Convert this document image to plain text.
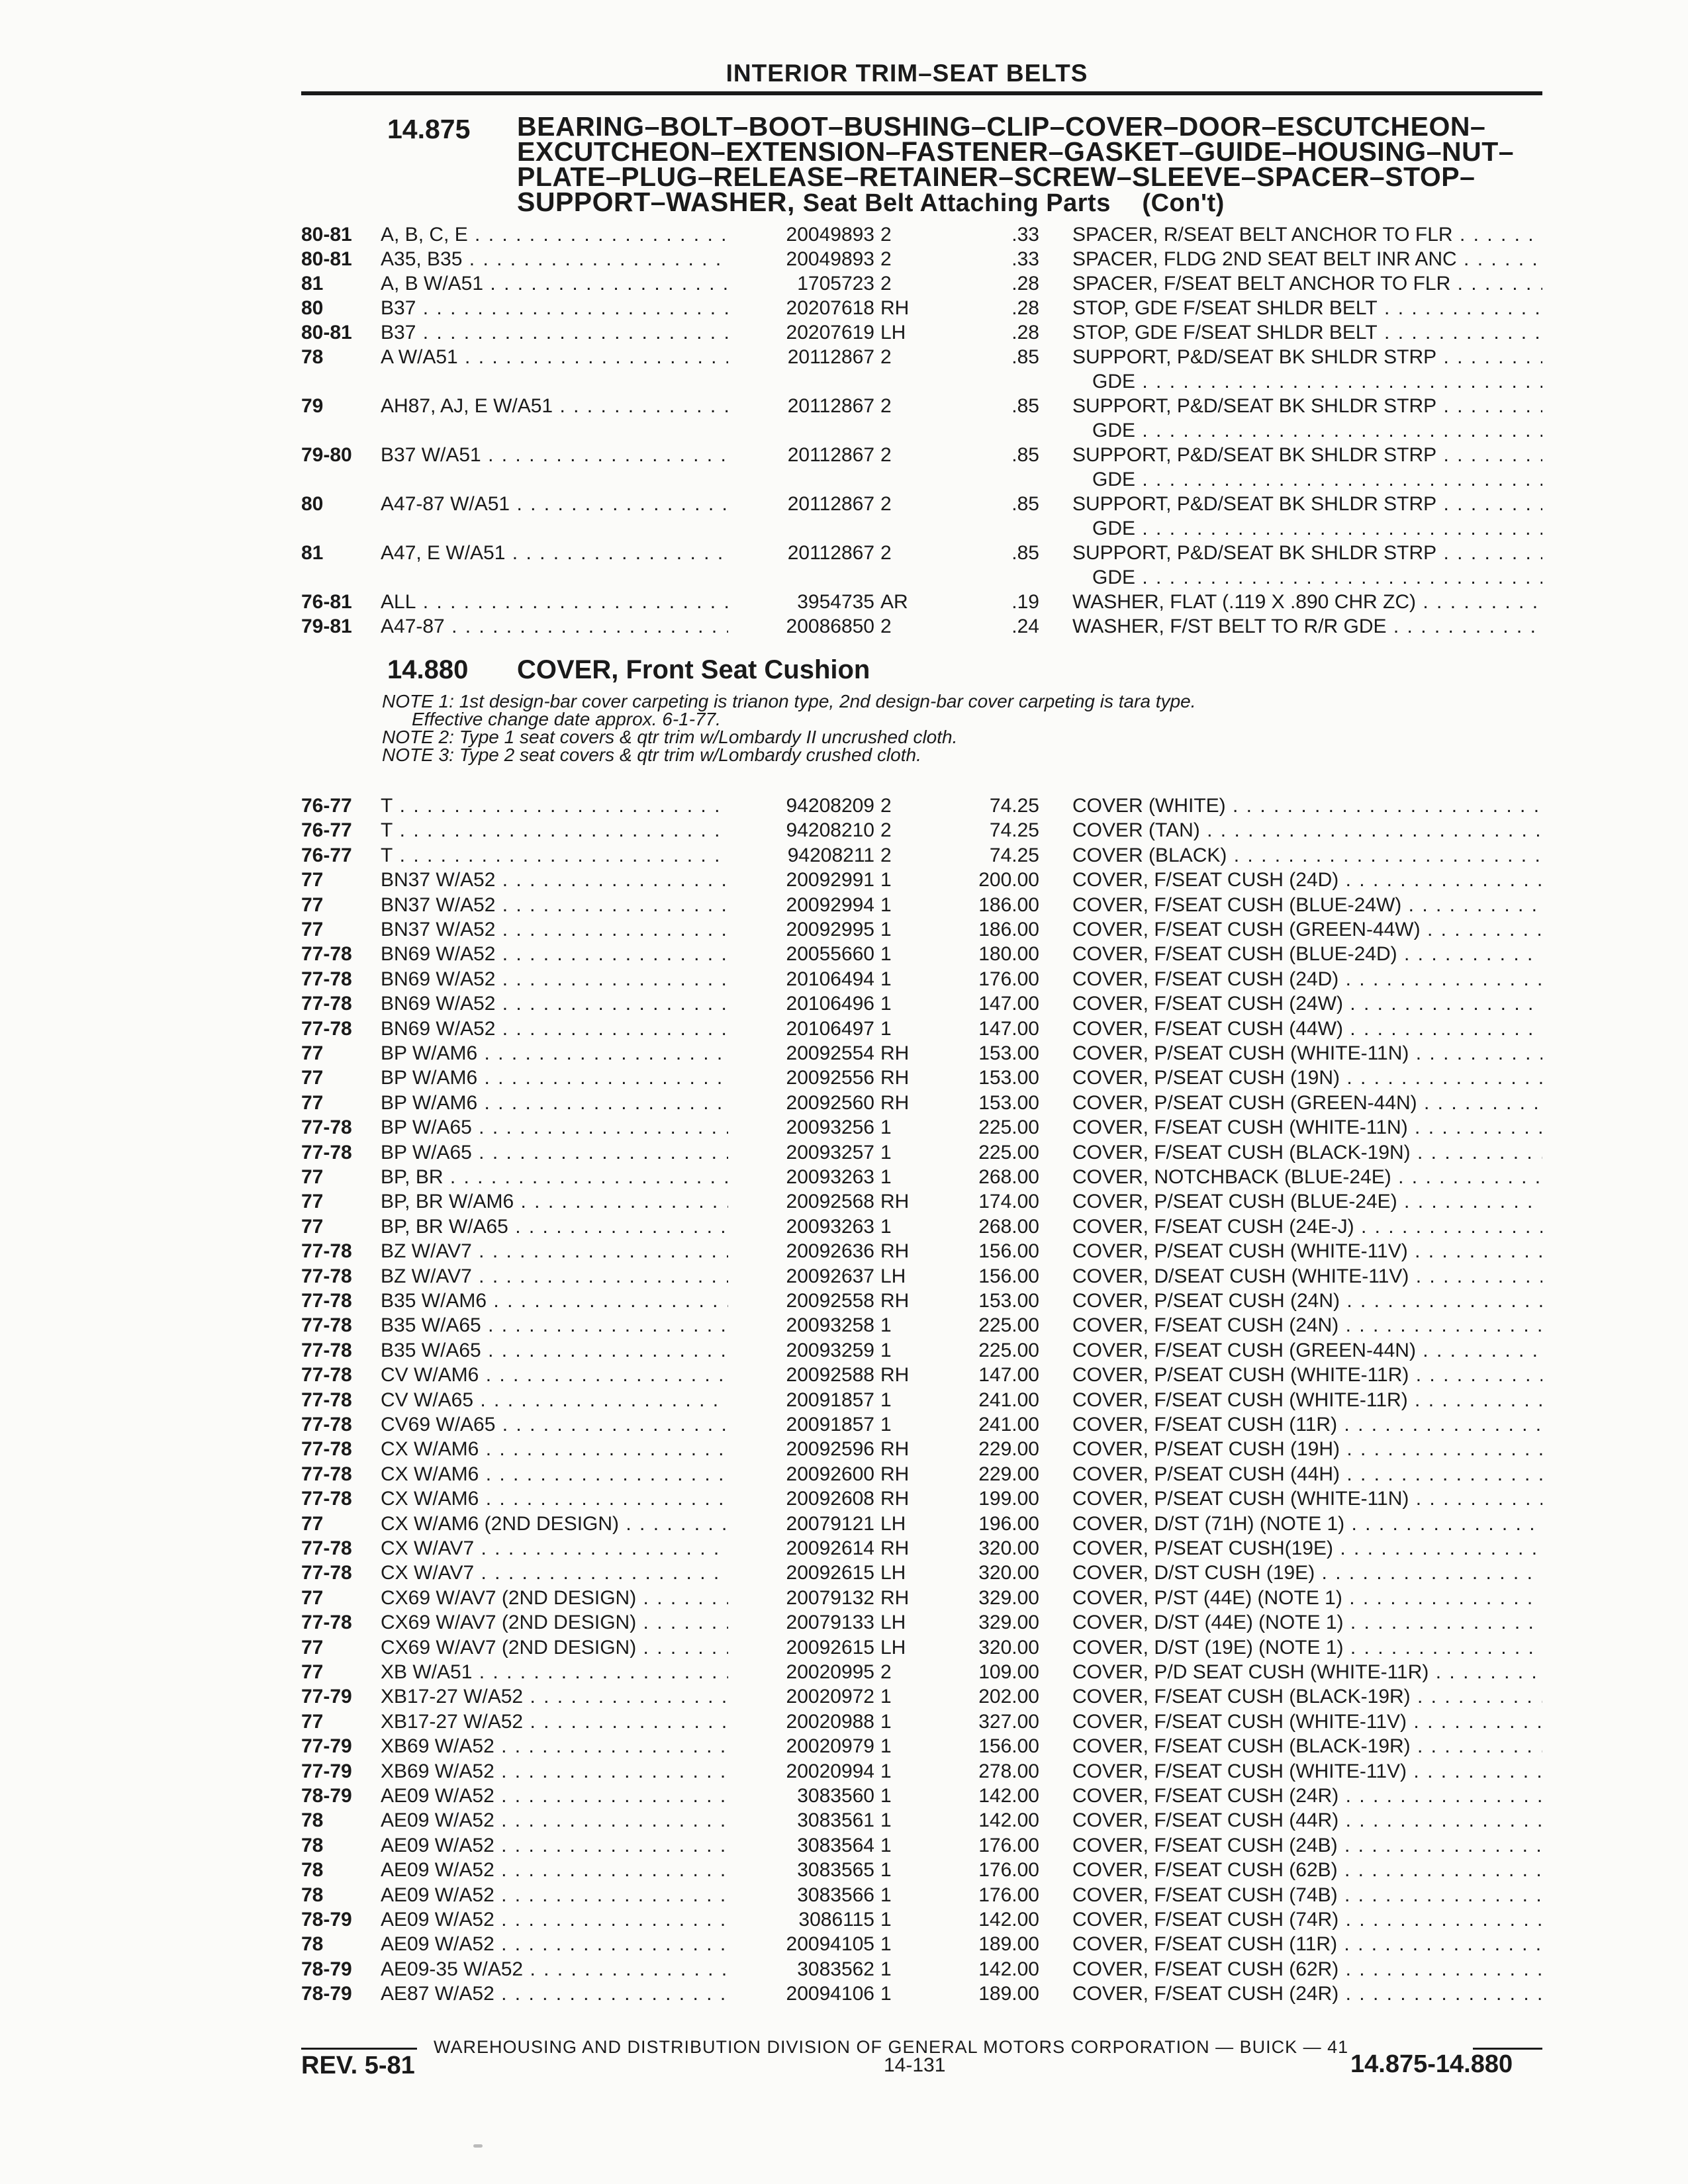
INTERIOR TRIM–SEAT BELTS
14.875 BEARING–BOLT–BOOT–BUSHING–CLIP–COVER–DOOR–ESCUTCHEON–EXCUTCHEON–EXTENSION–FASTENER–GASKET–GUIDE–HOUSING–NUT–PLATE–PLUG–RELEASE–RETAINER–SCREW–SLEEVE–SPACER–STOP–SUPPORT–WASHER, Seat Belt Attaching Parts (Con't)
80-81 A, B, C, E . . .	20049893 2	.33 SPACER, R/SEAT BELT ANCHOR TO FLR . . .
80-81 A35, B35 . . .	20049893 2	.33 SPACER, FLDG 2ND SEAT BELT INR ANC . . .
81	A, B W/A51 . . .	1705723 2	.28 SPACER, F/SEAT BELT ANCHOR TO FLR . . .
80	B37 . . .	20207618 RH	.28 STOP, GDE F/SEAT SHLDR BELT . . .
80-81 B37 . . .	20207619 LH	.28 STOP, GDE F/SEAT SHLDR BELT . . .
78	A W/A51 . . .	20112867 2	.85 SUPPORT, P&D/SEAT BK SHLDR STRP . . .
GDE . . .
79	AH87, AJ, E W/A51 . . .	20112867 2	.85 SUPPORT, P&D/SEAT BK SHLDR STRP . . .
GDE . . .
79-80 B37 W/A51 . . .	20112867 2	.85 SUPPORT, P&D/SEAT BK SHLDR STRP . . .
GDE . . .
80	A47-87 W/A51 . . .	20112867 2	.85 SUPPORT, P&D/SEAT BK SHLDR STRP . . .
GDE . . .
81	A47, E W/A51 . . .	20112867 2	.85 SUPPORT, P&D/SEAT BK SHLDR STRP . . .
GDE . . .
76-81 ALL . . .	3954735 AR	.19 WASHER, FLAT (.119 X .890 CHR ZC) . . .
79-81 A47-87 . . .	20086850 2	.24 WASHER, F/ST BELT TO R/R GDE . . .
14.880 COVER, Front Seat Cushion
NOTE 1: 1st design-bar cover carpeting is trianon type, 2nd design-bar cover carpeting is tara type.
Effective change date approx. 6-1-77.
NOTE 2: Type 1 seat covers & qtr trim w/Lombardy II uncrushed cloth.
NOTE 3: Type 2 seat covers & qtr trim w/Lombardy crushed cloth.
76-77 T . . .	94208209 2	74.25 COVER (WHITE) . . .
76-77 T . . .	94208210 2	74.25 COVER (TAN) . . .
76-77 T . . .	94208211 2	74.25 COVER (BLACK) . . .
77	BN37 W/A52 . . .	20092991 1	200.00 COVER, F/SEAT CUSH (24D) . . .
77	BN37 W/A52 . . .	20092994 1	186.00 COVER, F/SEAT CUSH (BLUE-24W) . . .
77	BN37 W/A52 . . .	20092995 1	186.00 COVER, F/SEAT CUSH (GREEN-44W) . . .
77-78 BN69 W/A52 . . .	20055660 1	180.00 COVER, F/SEAT CUSH (BLUE-24D) . . .
77-78 BN69 W/A52 . . .	20106494 1	176.00 COVER, F/SEAT CUSH (24D) . . .
77-78 BN69 W/A52 . . .	20106496 1	147.00 COVER, F/SEAT CUSH (24W) . . .
77-78 BN69 W/A52 . . .	20106497 1	147.00 COVER, F/SEAT CUSH (44W) . . .
77	BP W/AM6 . . .	20092554 RH	153.00 COVER, P/SEAT CUSH (WHITE-11N) . . .
77	BP W/AM6 . . .	20092556 RH	153.00 COVER, P/SEAT CUSH (19N) . . .
77	BP W/AM6 . . .	20092560 RH	153.00 COVER, P/SEAT CUSH (GREEN-44N) . . .
77-78 BP W/A65 . . .	20093256 1	225.00 COVER, F/SEAT CUSH (WHITE-11N) . . .
77-78 BP W/A65 . . .	20093257 1	225.00 COVER, F/SEAT CUSH (BLACK-19N) . . .
77	BP, BR . . .	20093263 1	268.00 COVER, NOTCHBACK (BLUE-24E) . . .
77	BP, BR W/AM6 . . .	20092568 RH	174.00 COVER, P/SEAT CUSH (BLUE-24E) . . .
77	BP, BR W/A65 . . .	20093263 1	268.00 COVER, F/SEAT CUSH (24E-J) . . .
77-78 BZ W/AV7 . . .	20092636 RH	156.00 COVER, P/SEAT CUSH (WHITE-11V) . . .
77-78 BZ W/AV7 . . .	20092637 LH	156.00 COVER, D/SEAT CUSH (WHITE-11V) . . .
77-78 B35 W/AM6 . . .	20092558 RH	153.00 COVER, P/SEAT CUSH (24N) . . .
77-78 B35 W/A65 . . .	20093258 1	225.00 COVER, F/SEAT CUSH (24N) . . .
77-78 B35 W/A65 . . .	20093259 1	225.00 COVER, F/SEAT CUSH (GREEN-44N) . . .
77-78 CV W/AM6 . . .	20092588 RH	147.00 COVER, P/SEAT CUSH (WHITE-11R) . . .
77-78 CV W/A65 . . .	20091857 1	241.00 COVER, F/SEAT CUSH (WHITE-11R) . . .
77-78 CV69 W/A65 . . .	20091857 1	241.00 COVER, F/SEAT CUSH (11R) . . .
77-78 CX W/AM6 . . .	20092596 RH	229.00 COVER, P/SEAT CUSH (19H) . . .
77-78 CX W/AM6 . . .	20092600 RH	229.00 COVER, P/SEAT CUSH (44H) . . .
77-78 CX W/AM6 . . .	20092608 RH	199.00 COVER, P/SEAT CUSH (WHITE-11N) . . .
77	CX W/AM6 (2ND DESIGN) . . .	20079121 LH	196.00 COVER, D/ST (71H) (NOTE 1) . . .
77-78 CX W/AV7 . . .	20092614 RH	320.00 COVER, P/SEAT CUSH(19E) . . .
77-78 CX W/AV7 . . .	20092615 LH	320.00 COVER, D/ST CUSH (19E) . . .
77	CX69 W/AV7 (2ND DESIGN) . . .	20079132 RH	329.00 COVER, P/ST (44E) (NOTE 1) . . .
77-78 CX69 W/AV7 (2ND DESIGN) . . .	20079133 LH	329.00 COVER, D/ST (44E) (NOTE 1) . . .
77	CX69 W/AV7 (2ND DESIGN) . . .	20092615 LH	320.00 COVER, D/ST (19E) (NOTE 1) . . .
77	XB W/A51 . . .	20020995 2	109.00 COVER, P/D SEAT CUSH (WHITE-11R) . . .
77-79 XB17-27 W/A52 . . .	20020972 1	202.00 COVER, F/SEAT CUSH (BLACK-19R) . . .
77	XB17-27 W/A52 . . .	20020988 1	327.00 COVER, F/SEAT CUSH (WHITE-11V) . . .
77-79 XB69 W/A52 . . .	20020979 1	156.00 COVER, F/SEAT CUSH (BLACK-19R) . . .
77-79 XB69 W/A52 . . .	20020994 1	278.00 COVER, F/SEAT CUSH (WHITE-11V) . . .
78-79 AE09 W/A52 . . .	3083560 1	142.00 COVER, F/SEAT CUSH (24R) . . .
78	AE09 W/A52 . . .	3083561 1	142.00 COVER, F/SEAT CUSH (44R) . . .
78	AE09 W/A52 . . .	3083564 1	176.00 COVER, F/SEAT CUSH (24B) . . .
78	AE09 W/A52 . . .	3083565 1	176.00 COVER, F/SEAT CUSH (62B) . . .
78	AE09 W/A52 . . .	3083566 1	176.00 COVER, F/SEAT CUSH (74B) . . .
78-79 AE09 W/A52 . . .	3086115 1	142.00 COVER, F/SEAT CUSH (74R) . . .
78	AE09 W/A52 . . .	20094105 1	189.00 COVER, F/SEAT CUSH (11R) . . .
78-79 AE09-35 W/A52 . . .	3083562 1	142.00 COVER, F/SEAT CUSH (62R) . . .
78-79 AE87 W/A52 . . .	20094106 1	189.00 COVER, F/SEAT CUSH (24R) . . .
WAREHOUSING AND DISTRIBUTION DIVISION OF GENERAL MOTORS CORPORATION — BUICK — 41
REV. 5-81	14-131	14.875-14.880
